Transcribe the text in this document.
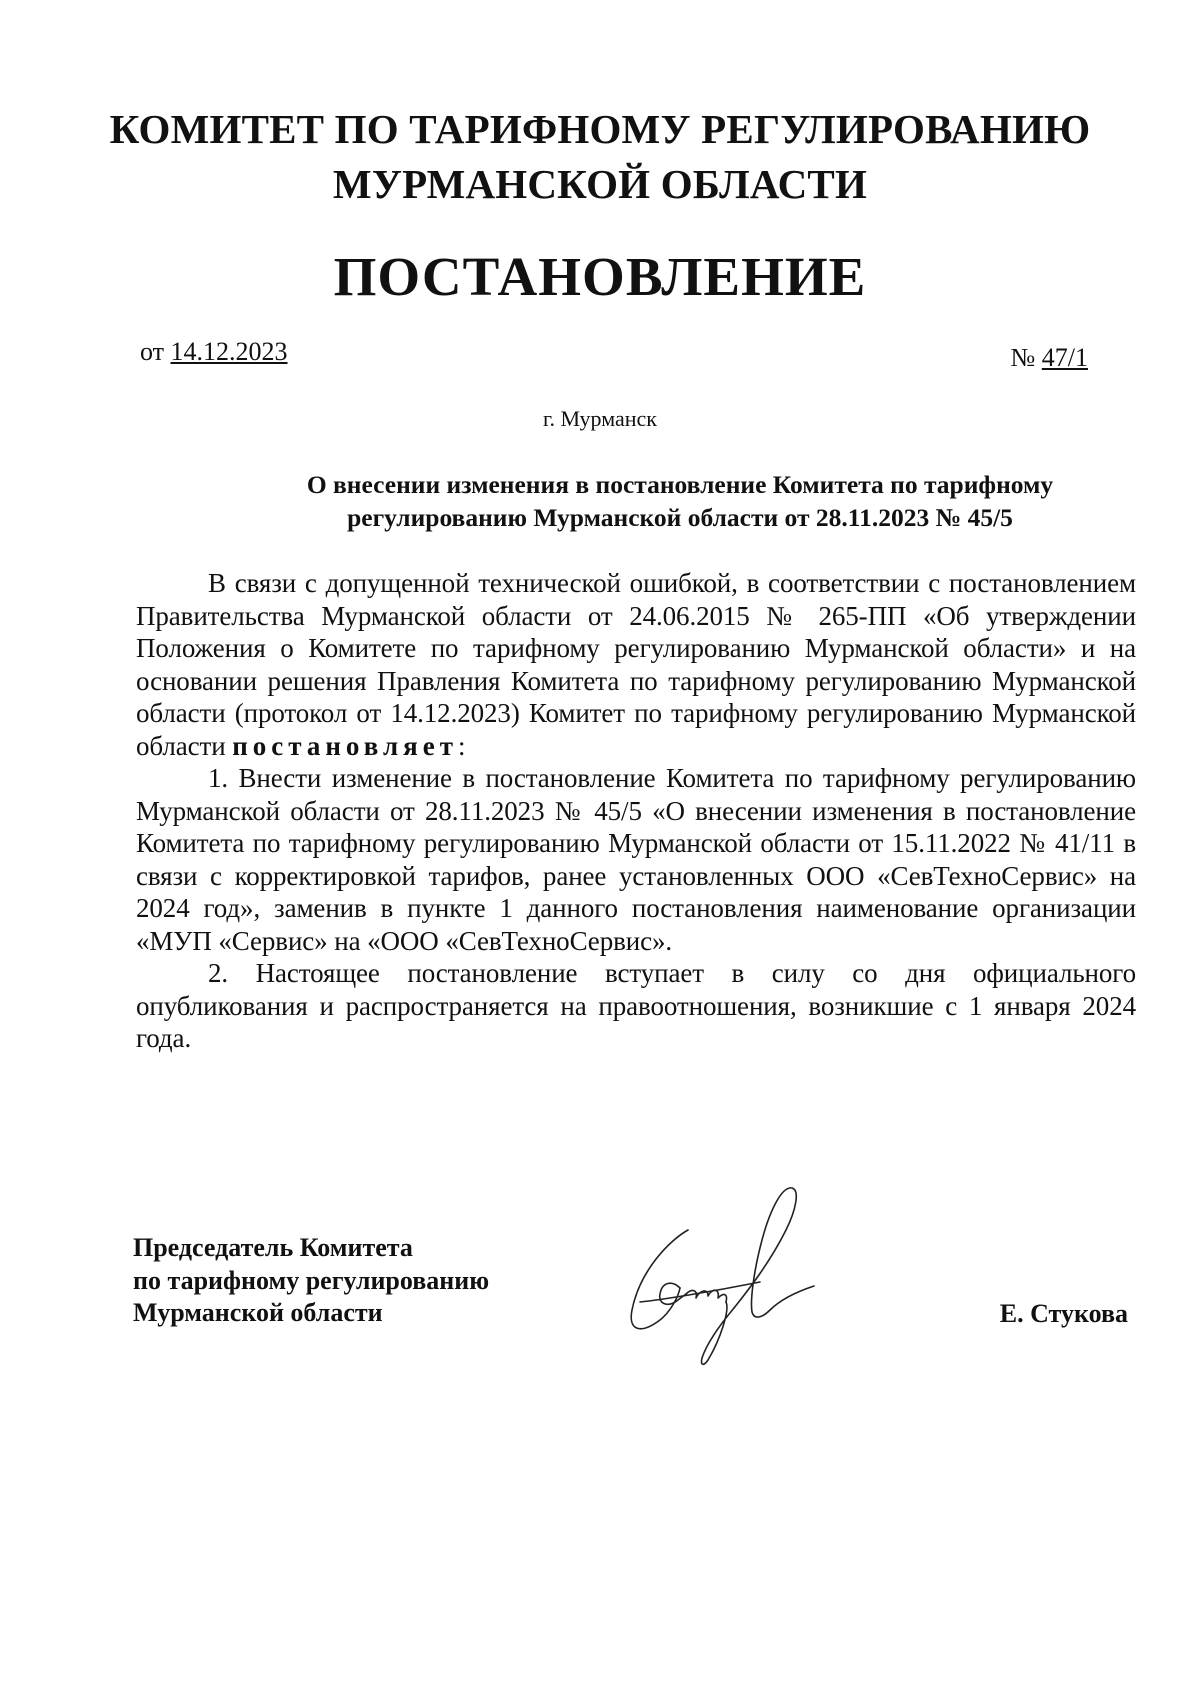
КОМИТЕТ ПО ТАРИФНОМУ РЕГУЛИРОВАНИЮ
МУРМАНСКОЙ ОБЛАСТИ
ПОСТАНОВЛЕНИЕ
от 14.12.2023	№ 47/1
г. Мурманск
О внесении изменения в постановление Комитета по тарифному
регулированию Мурманской области от 28.11.2023 № 45/5

В связи с допущенной технической ошибкой, в соответствии с постановлением Правительства Мурманской области от 24.06.2015 № 265-ПП «Об утверждении Положения о Комитете по тарифному регулированию Мурманской области» и на основании решения Правления Комитета по тарифному регулированию Мурманской области (протокол от 14.12.2023) Комитет по тарифному регулированию Мурманской области постановляет:

1. Внести изменение в постановление Комитета по тарифному регулированию Мурманской области от 28.11.2023 № 45/5 «О внесении изменения в постановление Комитета по тарифному регулированию Мурманской области от 15.11.2022 № 41/11 в связи с корректировкой тарифов, ранее установленных ООО «СевТехноСервис» на 2024 год», заменив в пункте 1 данного постановления наименование организации «МУП «Сервис» на «ООО «СевТехноСервис».

2. Настоящее постановление вступает в силу со дня официального опубликования и распространяется на правоотношения, возникшие с 1 января 2024 года.

Председатель Комитета
по тарифному регулированию
Мурманской области	Е. Стукова
